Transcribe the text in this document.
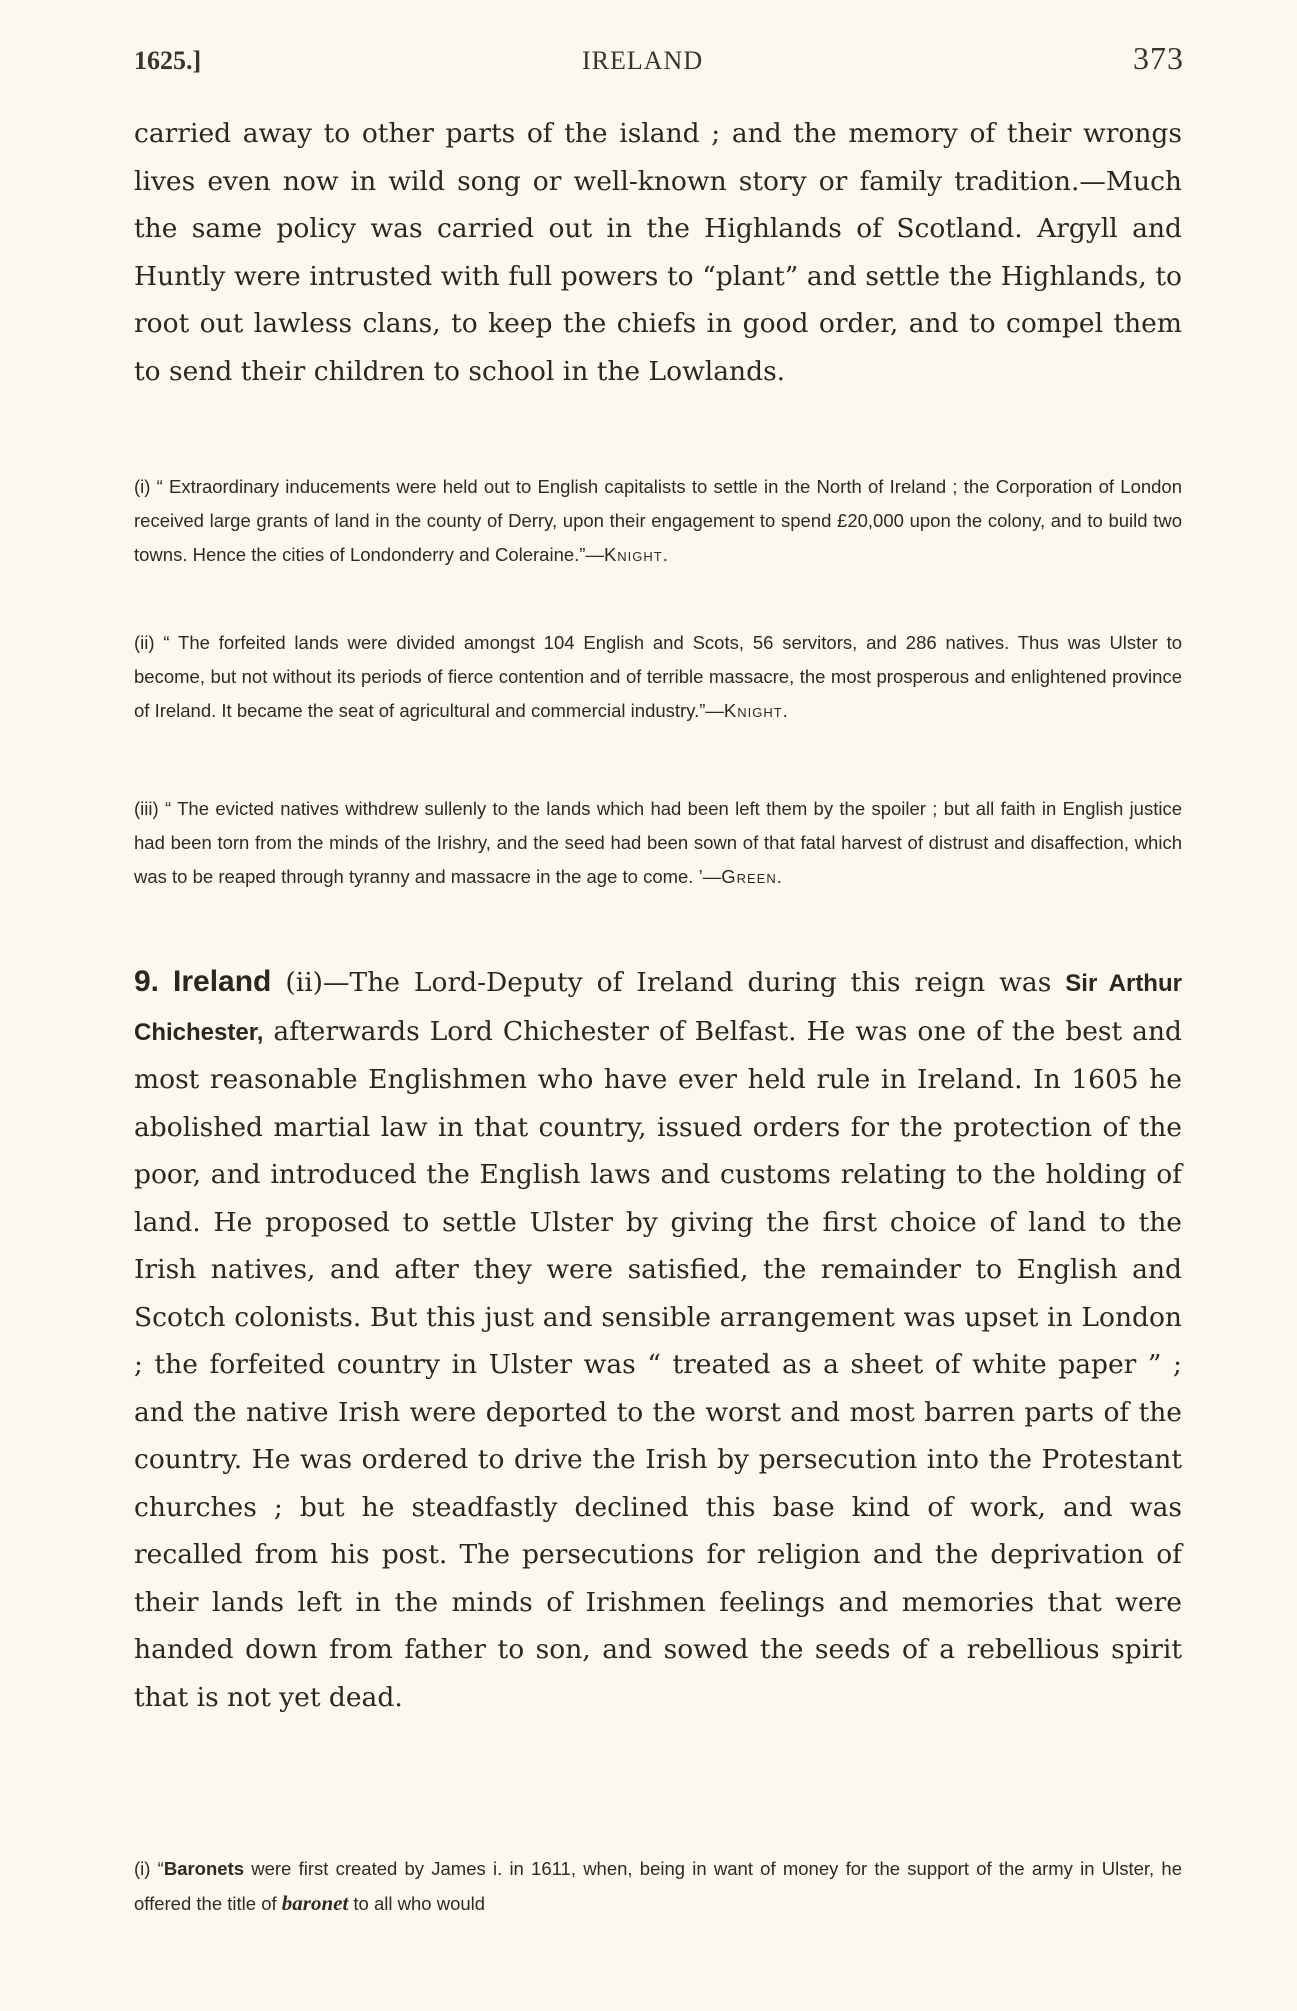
1625.]	IRELAND	373

carried away to other parts of the island ; and the memory of their wrongs lives even now in wild song or well-known story or family tradition.—Much the same policy was carried out in the Highlands of Scotland. Argyll and Huntly were intrusted with full powers to “plant” and settle the Highlands, to root out lawless clans, to keep the chiefs in good order, and to compel them to send their children to school in the Lowlands.

(i) “ Extraordinary inducements were held out to English capitalists to settle in the North of Ireland ; the Corporation of London received large grants of land in the county of Derry, upon their engagement to spend £20,000 upon the colony, and to build two towns. Hence the cities of Londonderry and Coleraine.”—Knight.

(ii) “ The forfeited lands were divided amongst 104 English and Scots, 56 servitors, and 286 natives. Thus was Ulster to become, but not without its periods of fierce contention and of terrible massacre, the most prosperous and enlightened province of Ireland. It became the seat of agricultural and commercial industry.”—Knight.

(iii) “ The evicted natives withdrew sullenly to the lands which had been left them by the spoiler ; but all faith in English justice had been torn from the minds of the Irishry, and the seed had been sown of that fatal harvest of distrust and disaffection, which was to be reaped through tyranny and massacre in the age to come. ’—Green.

9. Ireland (ii)—The Lord-Deputy of Ireland during this reign was Sir Arthur Chichester, afterwards Lord Chichester of Belfast. He was one of the best and most reasonable Englishmen who have ever held rule in Ireland. In 1605 he abolished martial law in that country, issued orders for the protection of the poor, and introduced the English laws and customs relating to the holding of land. He proposed to settle Ulster by giving the first choice of land to the Irish natives, and after they were satisfied, the remainder to English and Scotch colonists. But this just and sensible arrangement was upset in London ; the forfeited country in Ulster was “ treated as a sheet of white paper ” ; and the native Irish were deported to the worst and most barren parts of the country. He was ordered to drive the Irish by persecution into the Protestant churches ; but he steadfastly declined this base kind of work, and was recalled from his post. The persecutions for religion and the deprivation of their lands left in the minds of Irishmen feelings and memories that were handed down from father to son, and sowed the seeds of a rebellious spirit that is not yet dead.

(i) “Baronets were first created by James i. in 1611, when, being in want of money for the support of the army in Ulster, he offered the title of baronet to all who would
